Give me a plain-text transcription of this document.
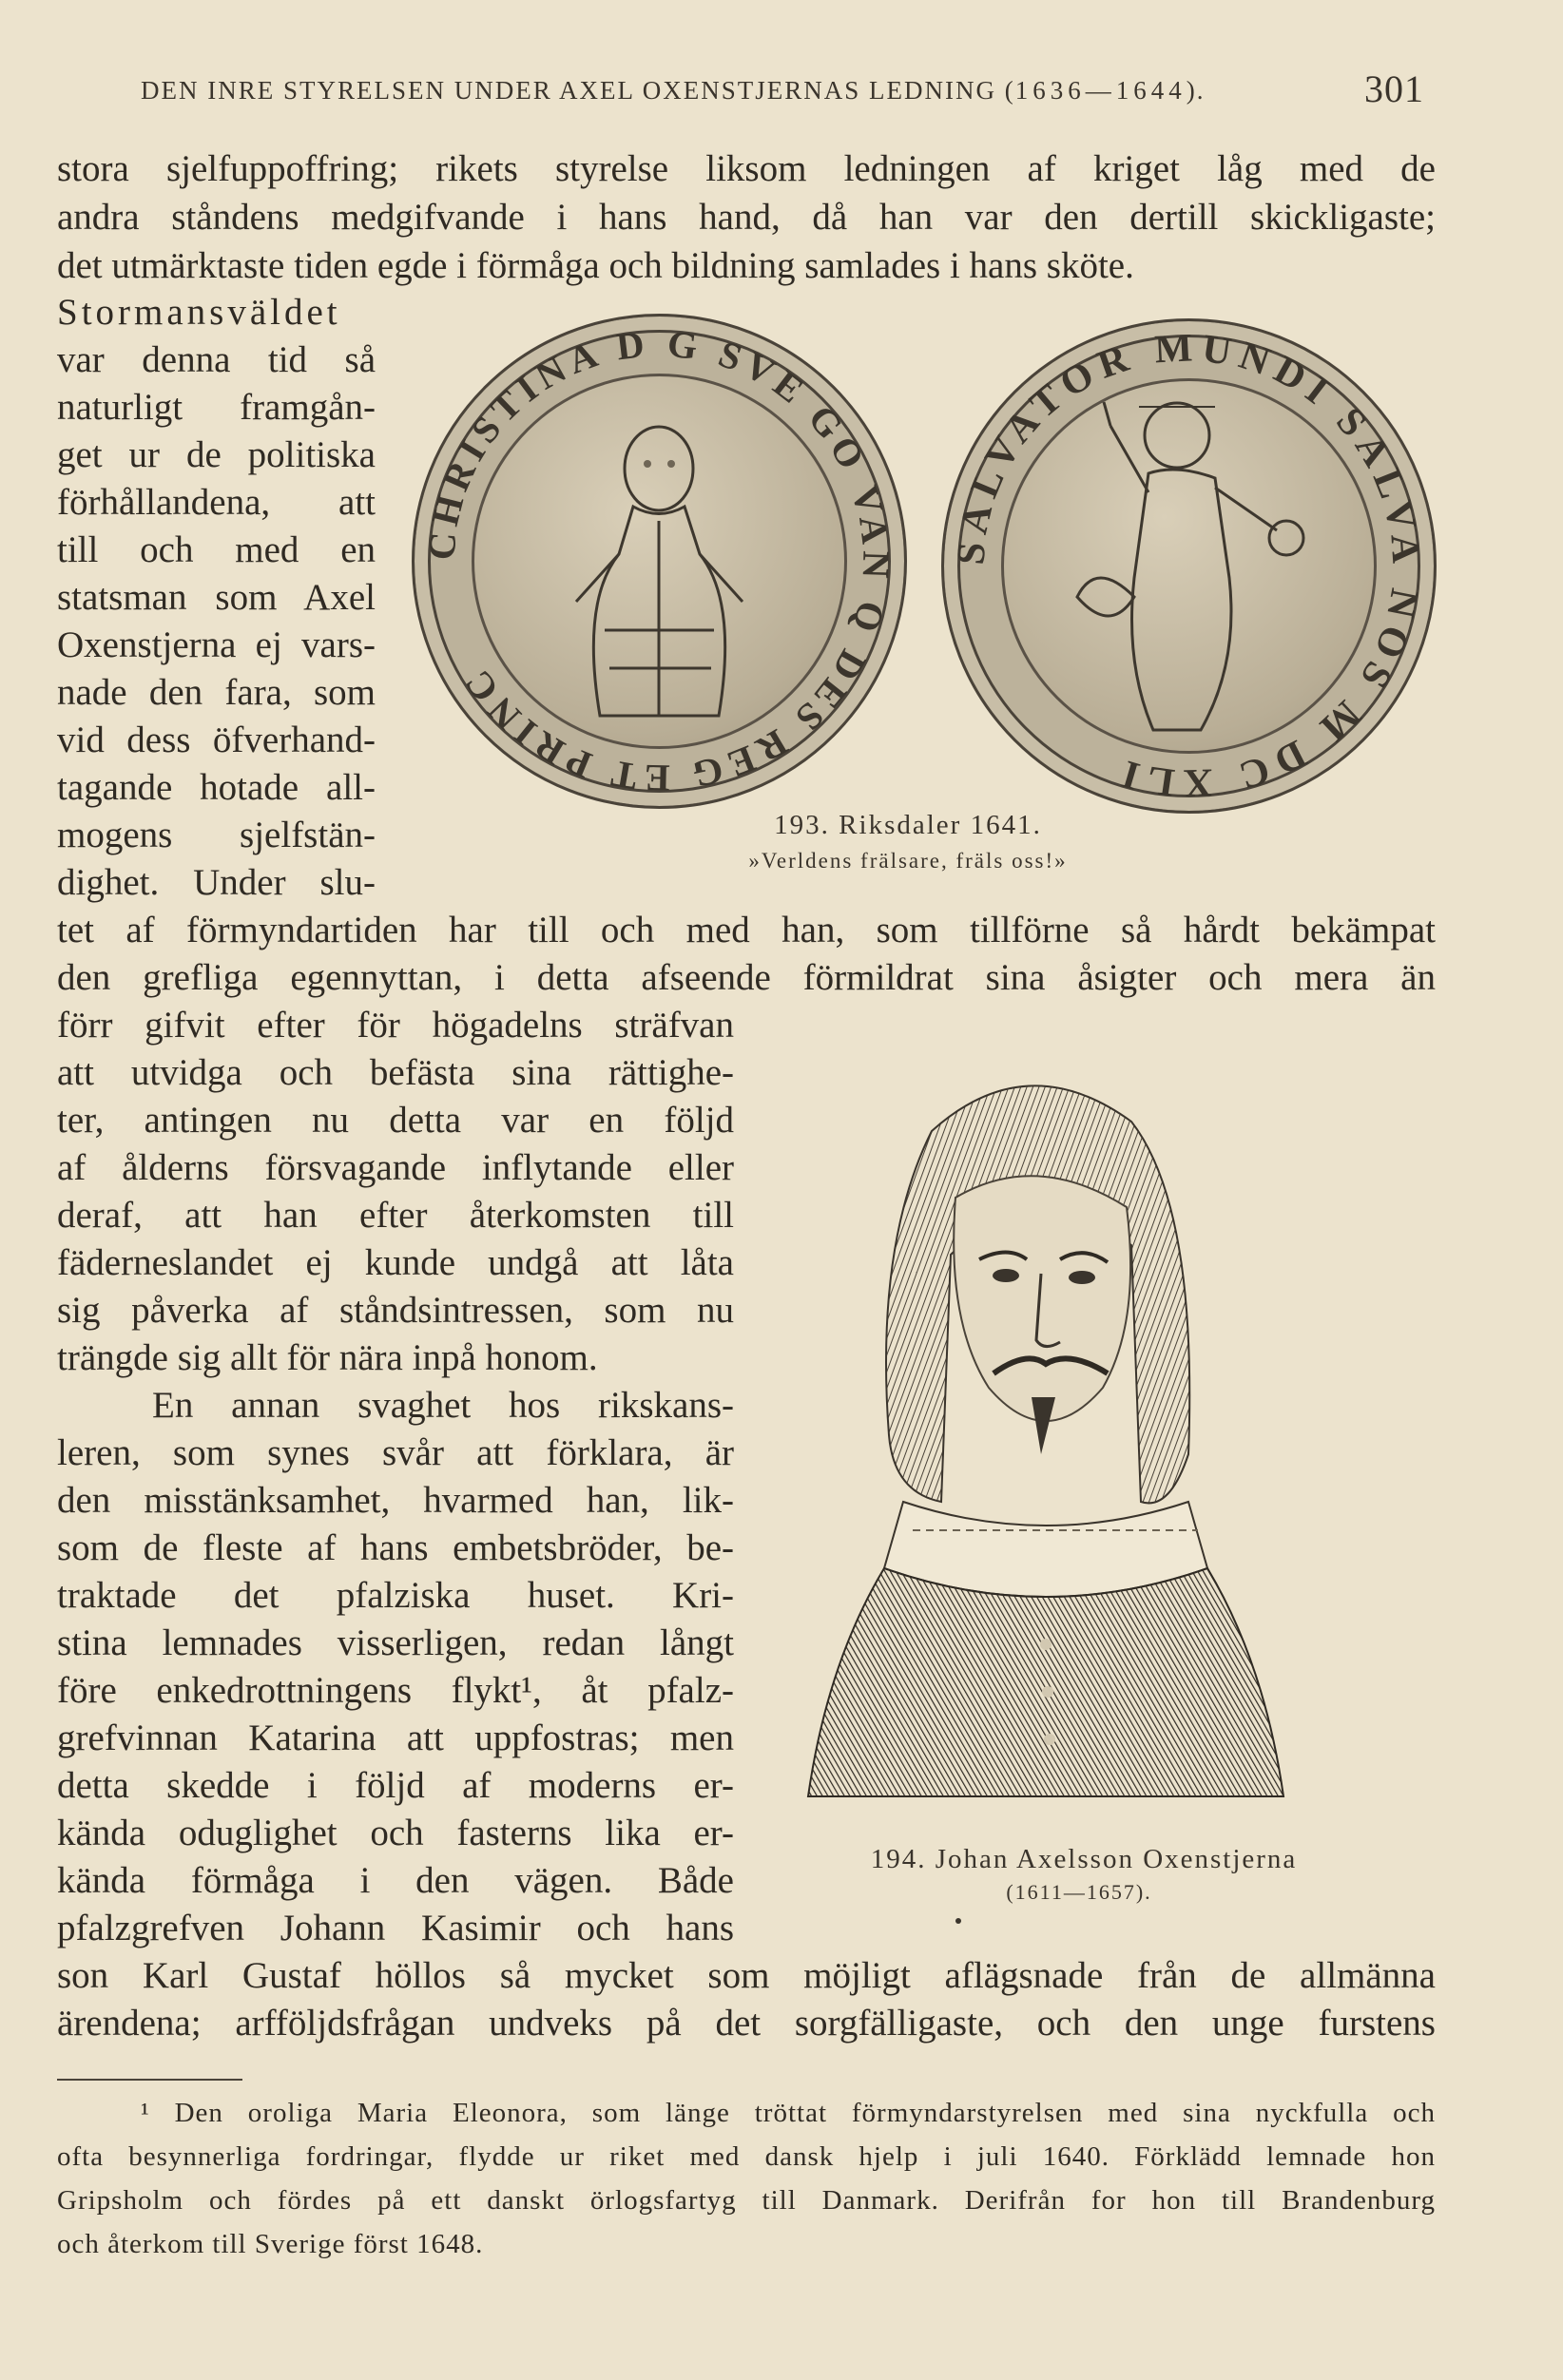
DEN INRE STYRELSEN UNDER AXEL OXENSTJERNAS LEDNING (1636—1644).	301
stora sjelfuppoffring; rikets styrelse liksom ledningen af kriget låg med de
andra ståndens medgifvande i hans hand, då han var den dertill skickligaste;
det utmärktaste tiden egde i förmåga och bildning samlades i hans sköte.
Stormansväldet
var denna tid så
naturligt framgån-
get ur de politiska
förhållandena, att
till och med en
statsman som Axel
Oxenstjerna ej vars-
nade den fara, som
vid dess öfverhand-
tagande hotade all-
mogens sjelfstän-
dighet. Under slu-
CHRISTINA D G SVE GO VAN Q DES REG ET PRINC
SALVATOR MUNDI SALVA NOS M DC XLI
193. Riksdaler 1641.
»Verldens frälsare, fräls oss!»
tet af förmyndartiden har till och med han, som tillförne så hårdt bekämpat
den grefliga egennyttan, i detta afseende förmildrat sina åsigter och mera än
förr gifvit efter för högadelns sträfvan
att utvidga och befästa sina rättighe-
ter, antingen nu detta var en följd
af ålderns försvagande inflytande eller
deraf, att han efter återkomsten till
fäderneslandet ej kunde undgå att låta
sig påverka af ståndsintressen, som nu
trängde sig allt för nära inpå honom.
En annan svaghet hos rikskans-
leren, som synes svår att förklara, är
den misstänksamhet, hvarmed han, lik-
som de fleste af hans embetsbröder, be-
traktade det pfalziska huset. Kri-
stina lemnades visserligen, redan långt
före enkedrottningens flykt¹, åt pfalz-
grefvinnan Katarina att uppfostras; men
detta skedde i följd af moderns er-
kända oduglighet och fasterns lika er-
kända förmåga i den vägen. Både
pfalzgrefven Johann Kasimir och hans
194. Johan Axelsson Oxenstjerna
(1611—1657).
son Karl Gustaf höllos så mycket som möjligt aflägsnade från de allmänna
ärendena; arfföljdsfrågan undveks på det sorgfälligaste, och den unge furstens
¹ Den oroliga Maria Eleonora, som länge tröttat förmyndarstyrelsen med sina nyckfulla och
ofta besynnerliga fordringar, flydde ur riket med dansk hjelp i juli 1640. Förklädd lemnade hon
Gripsholm och fördes på ett danskt örlogsfartyg till Danmark. Derifrån for hon till Brandenburg
och återkom till Sverige först 1648.
